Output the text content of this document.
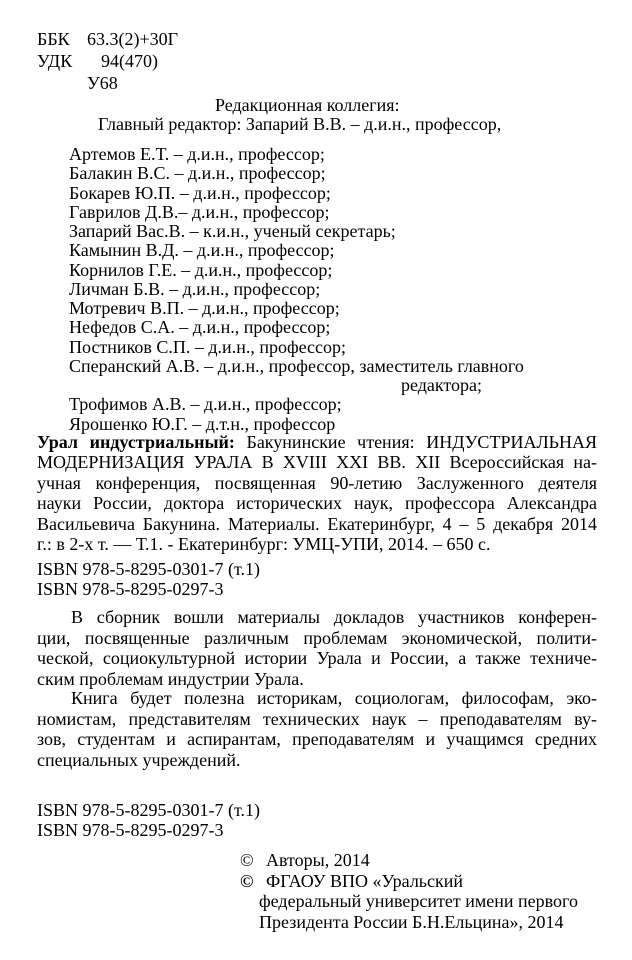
ББК 63.3(2)+30Г
УДК 94(470)
У68
Редакционная коллегия:
Главный редактор: Запарий В.В. – д.и.н., профессор,
Артемов Е.Т. – д.и.н., профессор;
Балакин В.С. – д.и.н., профессор;
Бокарев Ю.П. – д.и.н., профессор;
Гаврилов Д.В.– д.и.н., профессор;
Запарий Вас.В. – к.и.н., ученый секретарь;
Камынин В.Д. – д.и.н., профессор;
Корнилов Г.Е. – д.и.н., профессор;
Личман Б.В. – д.и.н., профессор;
Мотревич В.П. – д.и.н., профессор;
Нефедов С.А. – д.и.н., профессор;
Постников С.П. – д.и.н., профессор;
Сперанский А.В. – д.и.н., профессор, заместитель главного
редактора;
Трофимов А.В. – д.и.н., профессор;
Ярошенко Ю.Г. – д.т.н., профессор
Урал индустриальный: Бакунинские чтения: ИНДУСТРИАЛЬНАЯ
МОДЕРНИЗАЦИЯ УРАЛА В XVIII XXI ВВ. XII Всероссийская на-
учная конференция, посвященная 90-летию Заслуженного деятеля
науки России, доктора исторических наук, профессора Александра
Васильевича Бакунина. Материалы. Екатеринбург, 4 – 5 декабря 2014
г.: в 2-х т. — Т.1. - Екатеринбург: УМЦ-УПИ, 2014. – 650 с.
ISBN 978-5-8295-0301-7 (т.1)
ISBN 978-5-8295-0297-3
В сборник вошли материалы докладов участников конферен-
ции, посвященные различным проблемам экономической, полити-
ческой, социокультурной истории Урала и России, а также техниче-
ским проблемам индустрии Урала.
Книга будет полезна историкам, социологам, философам, эко-
номистам, представителям технических наук – преподавателям ву-
зов, студентам и аспирантам, преподавателям и учащимся средних
специальных учреждений.
ISBN 978-5-8295-0301-7 (т.1)
ISBN 978-5-8295-0297-3
© Авторы, 2014
© ФГАОУ ВПО «Уральский
федеральный университет имени первого
Президента России Б.Н.Ельцина», 2014
